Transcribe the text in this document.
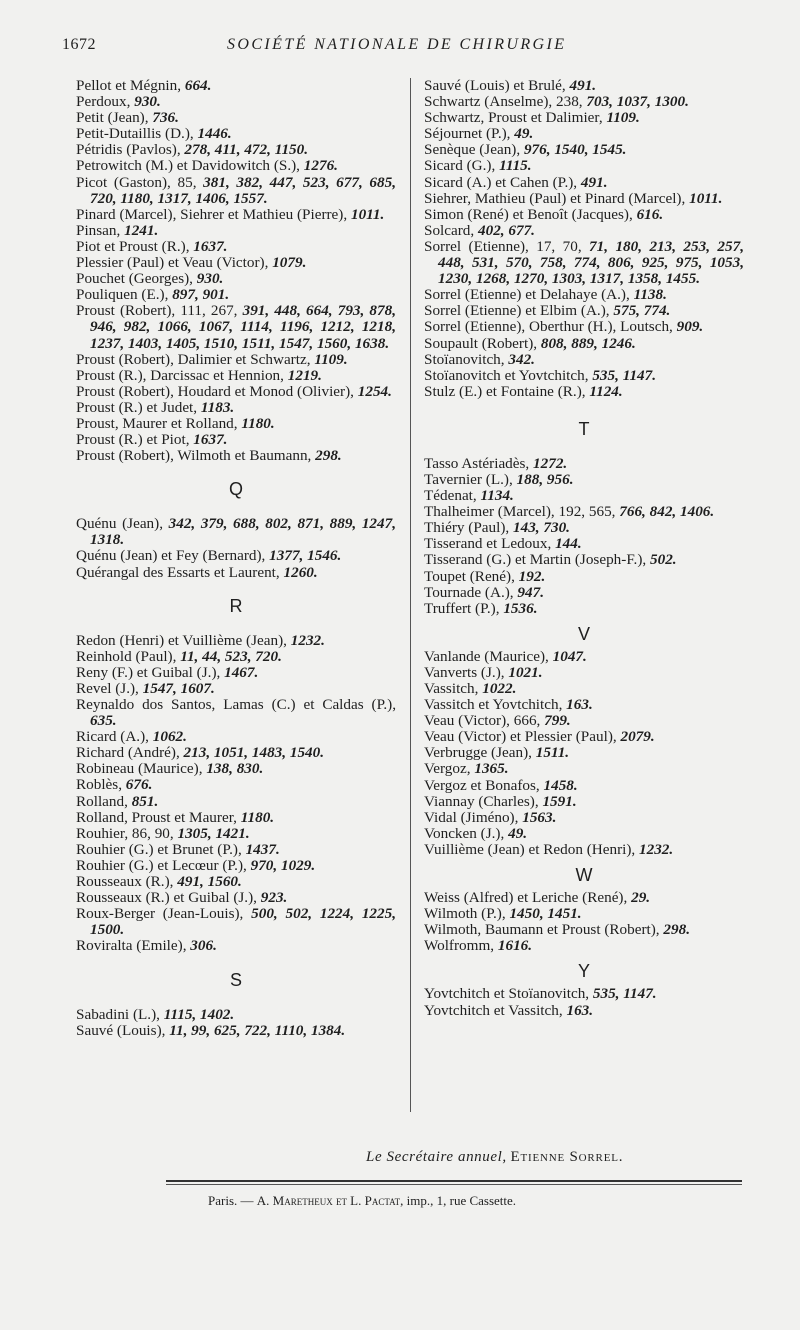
1672	SOCIÉTÉ NATIONALE DE CHIRURGIE

Pellot et Mégnin, 664.

Perdoux, 930.

Petit (Jean), 736.

Petit-Dutaillis (D.), 1446.

Pétridis (Pavlos), 278, 411, 472, 1150.

Petrowitch (M.) et Davidowitch (S.), 1276.

Picot (Gaston), 85, 381, 382, 447, 523, 677, 685, 720, 1180, 1317, 1406, 1557.

Pinard (Marcel), Siehrer et Mathieu (Pierre), 1011.

Pinsan, 1241.

Piot et Proust (R.), 1637.

Plessier (Paul) et Veau (Victor), 1079.

Pouchet (Georges), 930.

Pouliquen (E.), 897, 901.

Proust (Robert), 111, 267, 391, 448, 664, 793, 878, 946, 982, 1066, 1067, 1114, 1196, 1212, 1218, 1237, 1403, 1405, 1510, 1511, 1547, 1560, 1638.

Proust (Robert), Dalimier et Schwartz, 1109.

Proust (R.), Darcissac et Hennion, 1219.

Proust (Robert), Houdard et Monod (Olivier), 1254.

Proust (R.) et Judet, 1183.

Proust, Maurer et Rolland, 1180.

Proust (R.) et Piot, 1637.

Proust (Robert), Wilmoth et Baumann, 298.

Q

Quénu (Jean), 342, 379, 688, 802, 871, 889, 1247, 1318.

Quénu (Jean) et Fey (Bernard), 1377, 1546.

Quérangal des Essarts et Laurent, 1260.

R

Redon (Henri) et Vuillième (Jean), 1232.

Reinhold (Paul), 11, 44, 523, 720.

Reny (F.) et Guibal (J.), 1467.

Revel (J.), 1547, 1607.

Reynaldo dos Santos, Lamas (C.) et Caldas (P.), 635.

Ricard (A.), 1062.

Richard (André), 213, 1051, 1483, 1540.

Robineau (Maurice), 138, 830.

Roblès, 676.

Rolland, 851.

Rolland, Proust et Maurer, 1180.

Rouhier, 86, 90, 1305, 1421.

Rouhier (G.) et Brunet (P.), 1437.

Rouhier (G.) et Lecœur (P.), 970, 1029.

Rousseaux (R.), 491, 1560.

Rousseaux (R.) et Guibal (J.), 923.

Roux-Berger (Jean-Louis), 500, 502, 1224, 1225, 1500.

Roviralta (Emile), 306.

S

Sabadini (L.), 1115, 1402.

Sauvé (Louis), 11, 99, 625, 722, 1110, 1384.

Sauvé (Louis) et Brulé, 491.

Schwartz (Anselme), 238, 703, 1037, 1300.

Schwartz, Proust et Dalimier, 1109.

Séjournet (P.), 49.

Senèque (Jean), 976, 1540, 1545.

Sicard (G.), 1115.

Sicard (A.) et Cahen (P.), 491.

Siehrer, Mathieu (Paul) et Pinard (Marcel), 1011.

Simon (René) et Benoît (Jacques), 616.

Solcard, 402, 677.

Sorrel (Etienne), 17, 70, 71, 180, 213, 253, 257, 448, 531, 570, 758, 774, 806, 925, 975, 1053, 1230, 1268, 1270, 1303, 1317, 1358, 1455.

Sorrel (Etienne) et Delahaye (A.), 1138.

Sorrel (Etienne) et Elbim (A.), 575, 774.

Sorrel (Etienne), Oberthur (H.), Loutsch, 909.

Soupault (Robert), 808, 889, 1246.

Stoïanovitch, 342.

Stoïanovitch et Yovtchitch, 535, 1147.

Stulz (E.) et Fontaine (R.), 1124.

T

Tasso Astériadès, 1272.

Tavernier (L.), 188, 956.

Tédenat, 1134.

Thalheimer (Marcel), 192, 565, 766, 842, 1406.

Thiéry (Paul), 143, 730.

Tisserand et Ledoux, 144.

Tisserand (G.) et Martin (Joseph-F.), 502.

Toupet (René), 192.

Tournade (A.), 947.

Truffert (P.), 1536.

V

Vanlande (Maurice), 1047.

Vanverts (J.), 1021.

Vassitch, 1022.

Vassitch et Yovtchitch, 163.

Veau (Victor), 666, 799.

Veau (Victor) et Plessier (Paul), 2079.

Verbrugge (Jean), 1511.

Vergoz, 1365.

Vergoz et Bonafos, 1458.

Viannay (Charles), 1591.

Vidal (Jiméno), 1563.

Voncken (J.), 49.

Vuillième (Jean) et Redon (Henri), 1232.

W

Weiss (Alfred) et Leriche (René), 29.

Wilmoth (P.), 1450, 1451.

Wilmoth, Baumann et Proust (Robert), 298.

Wolfromm, 1616.

Y

Yovtchitch et Stoïanovitch, 535, 1147.

Yovtchitch et Vassitch, 163.

Le Secrétaire annuel, Etienne Sorrel.
Paris. — A. Maretheux et L. Pactat, imp., 1, rue Cassette.
